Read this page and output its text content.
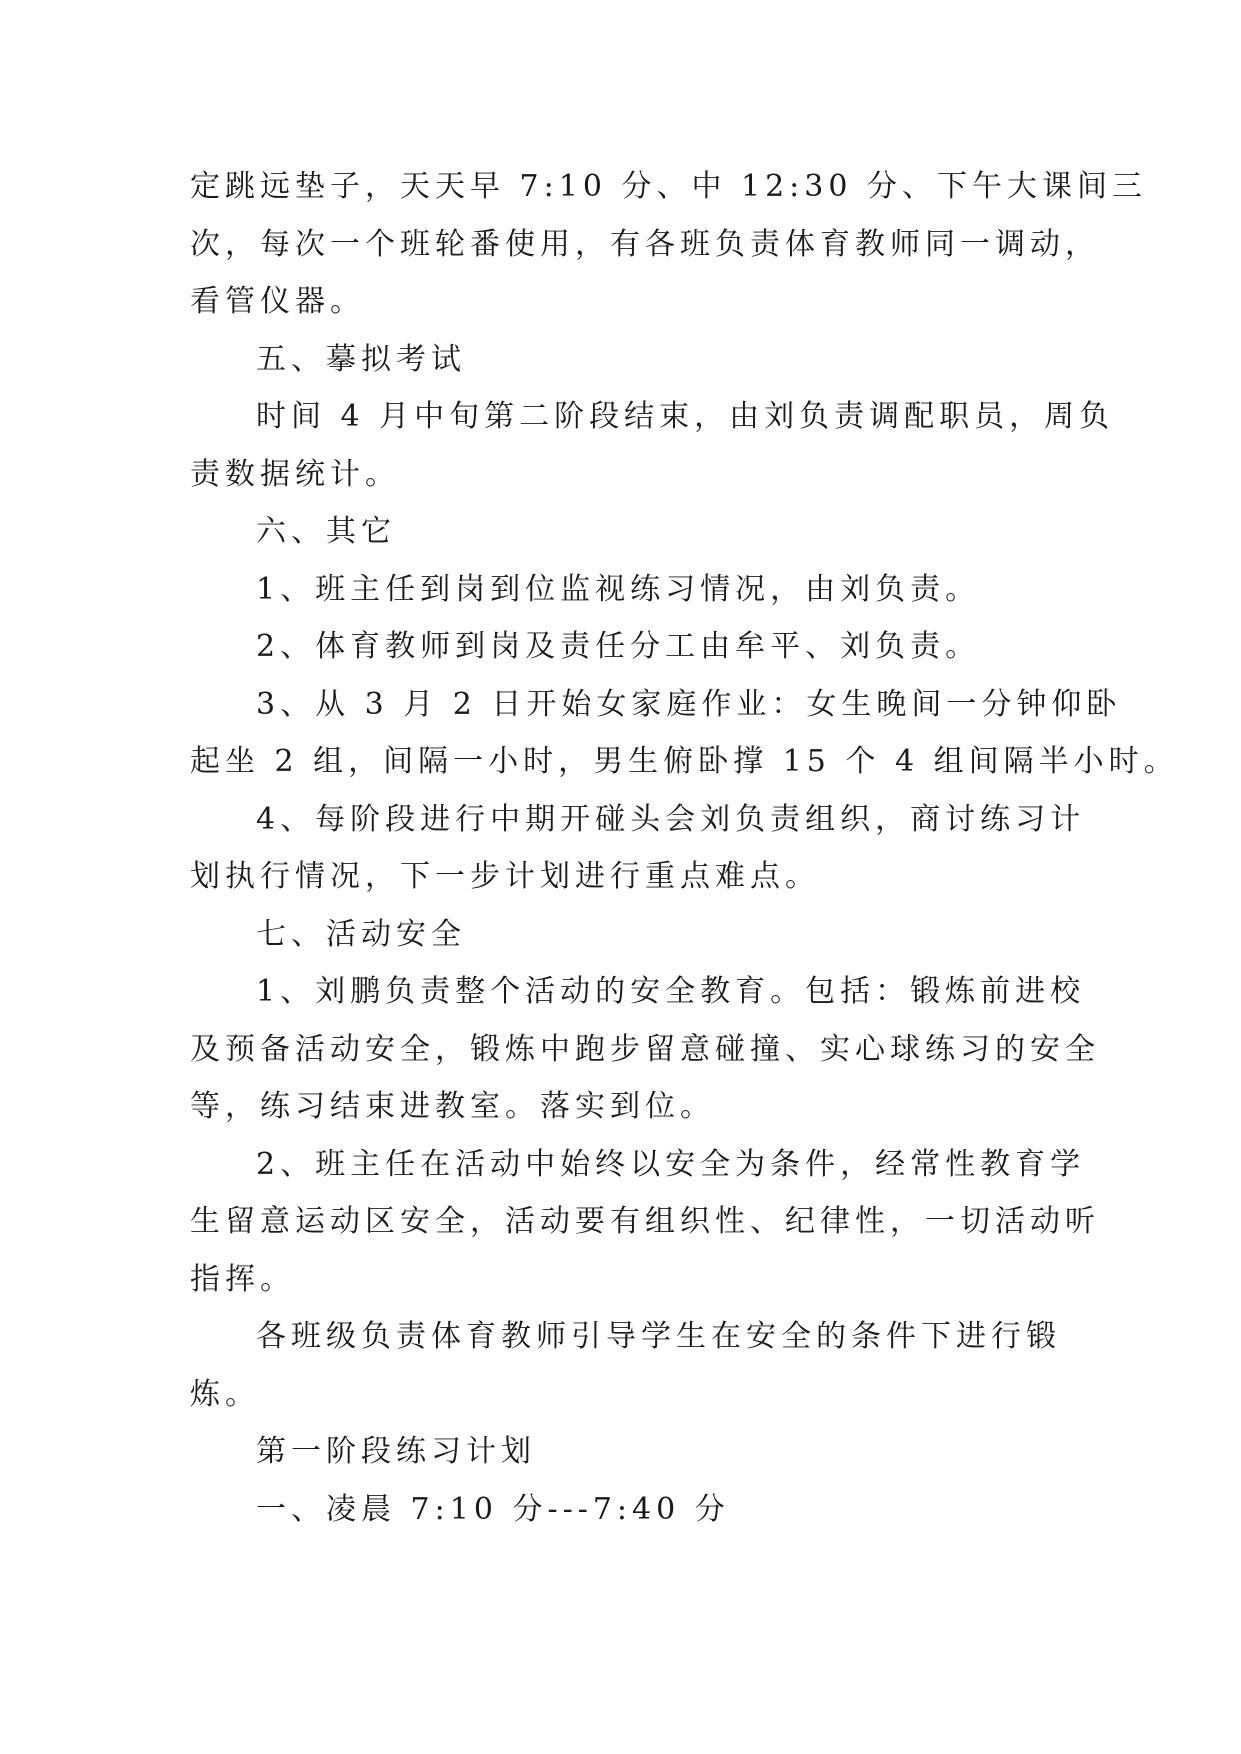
定跳远垫子，天天早 7:10 分、中 12:30 分、下午大课间三
次，每次一个班轮番使用，有各班负责体育教师同一调动，
看管仪器。
五、摹拟考试
时间 4 月中旬第二阶段结束，由刘负责调配职员，周负
责数据统计。
六、其它
1、班主任到岗到位监视练习情况，由刘负责。
2、体育教师到岗及责任分工由牟平、刘负责。
3、从 3 月 2 日开始女家庭作业：女生晚间一分钟仰卧
起坐 2 组，间隔一小时，男生俯卧撑 15 个 4 组间隔半小时。
4、每阶段进行中期开碰头会刘负责组织，商讨练习计
划执行情况，下一步计划进行重点难点。
七、活动安全
1、刘鹏负责整个活动的安全教育。包括：锻炼前进校
及预备活动安全，锻炼中跑步留意碰撞、实心球练习的安全
等，练习结束进教室。落实到位。
2、班主任在活动中始终以安全为条件，经常性教育学
生留意运动区安全，活动要有组织性、纪律性，一切活动听
指挥。
各班级负责体育教师引导学生在安全的条件下进行锻
炼。
第一阶段练习计划
一、凌晨 7:10 分---7:40 分
